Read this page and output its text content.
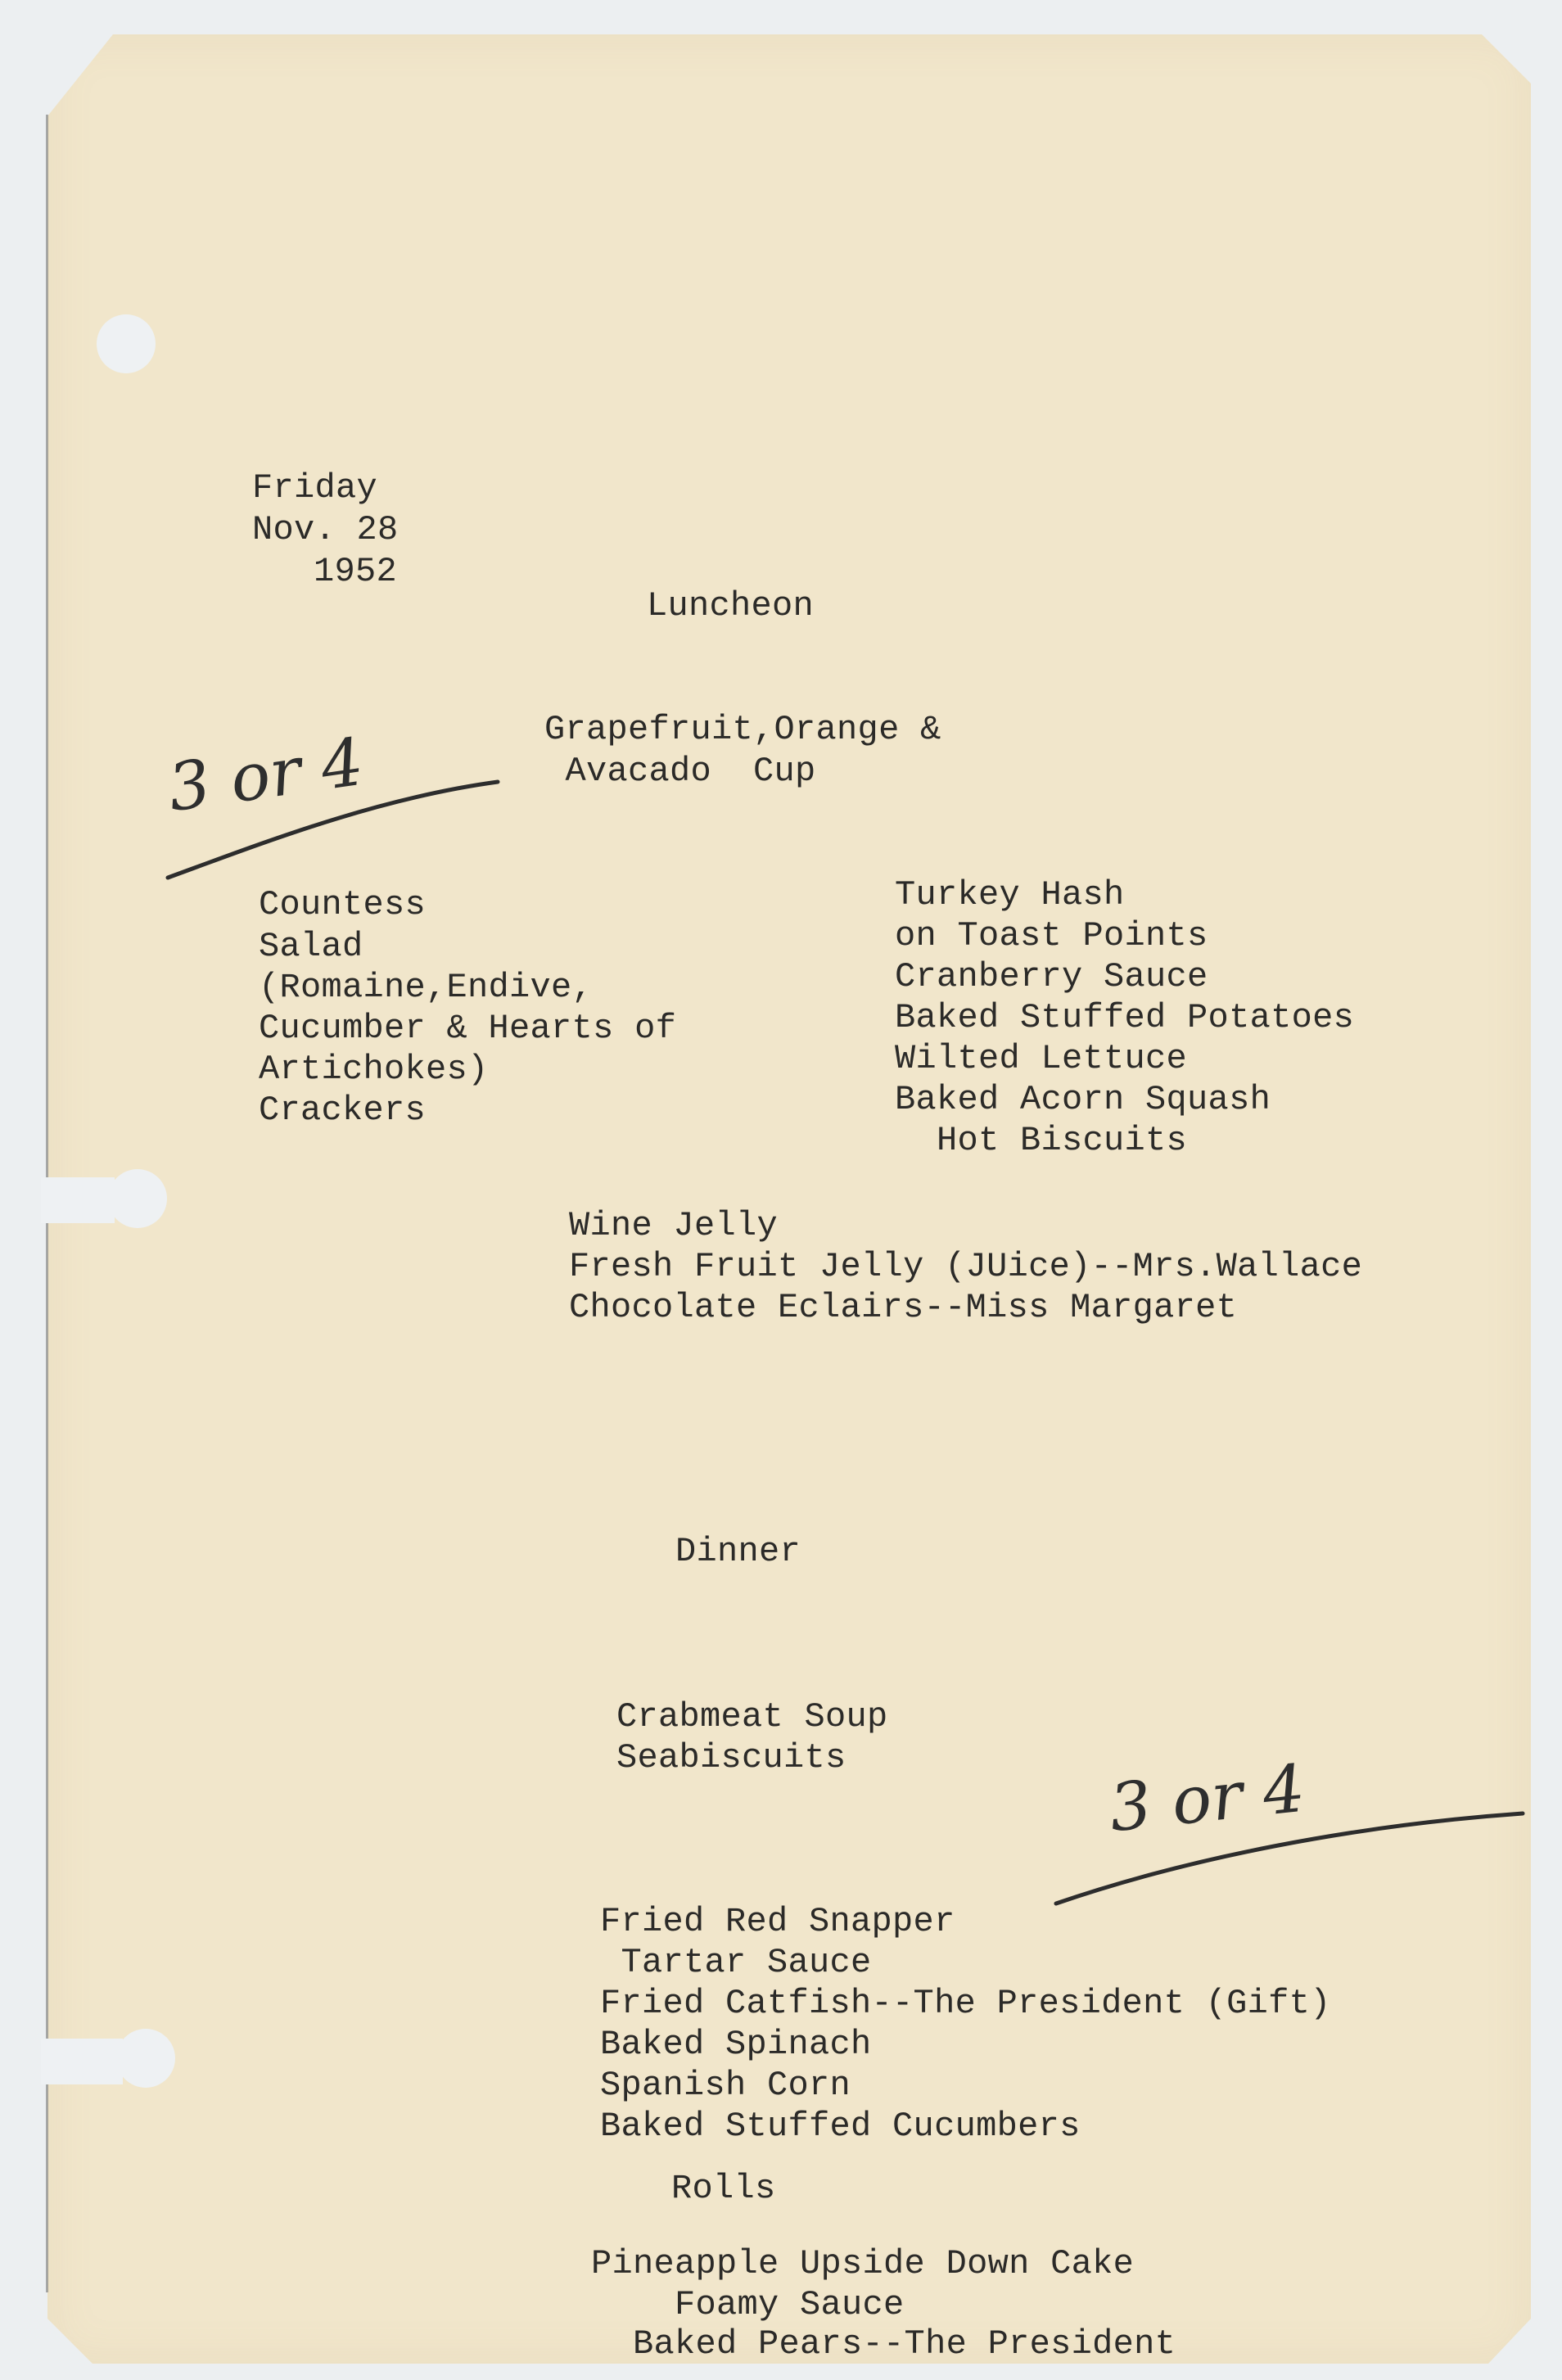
Friday
Nov. 28
1952
Luncheon
Grapefruit,Orange &
Avacado  Cup
3 or 4
Countess
Salad
(Romaine,Endive,
Cucumber & Hearts of
Artichokes)
Crackers
Turkey Hash
on Toast Points
Cranberry Sauce
Baked Stuffed Potatoes
Wilted Lettuce
Baked Acorn Squash
Hot Biscuits
Wine Jelly
Fresh Fruit Jelly (JUice)--Mrs.Wallace
Chocolate Eclairs--Miss Margaret
Dinner
Crabmeat Soup
Seabiscuits	3 or 4
Fried Red Snapper
Tartar Sauce
Fried Catfish--The President (Gift)
Baked Spinach
Spanish Corn
Baked Stuffed Cucumbers
Rolls
Pineapple Upside Down Cake
Foamy Sauce
Baked Pears--The President
